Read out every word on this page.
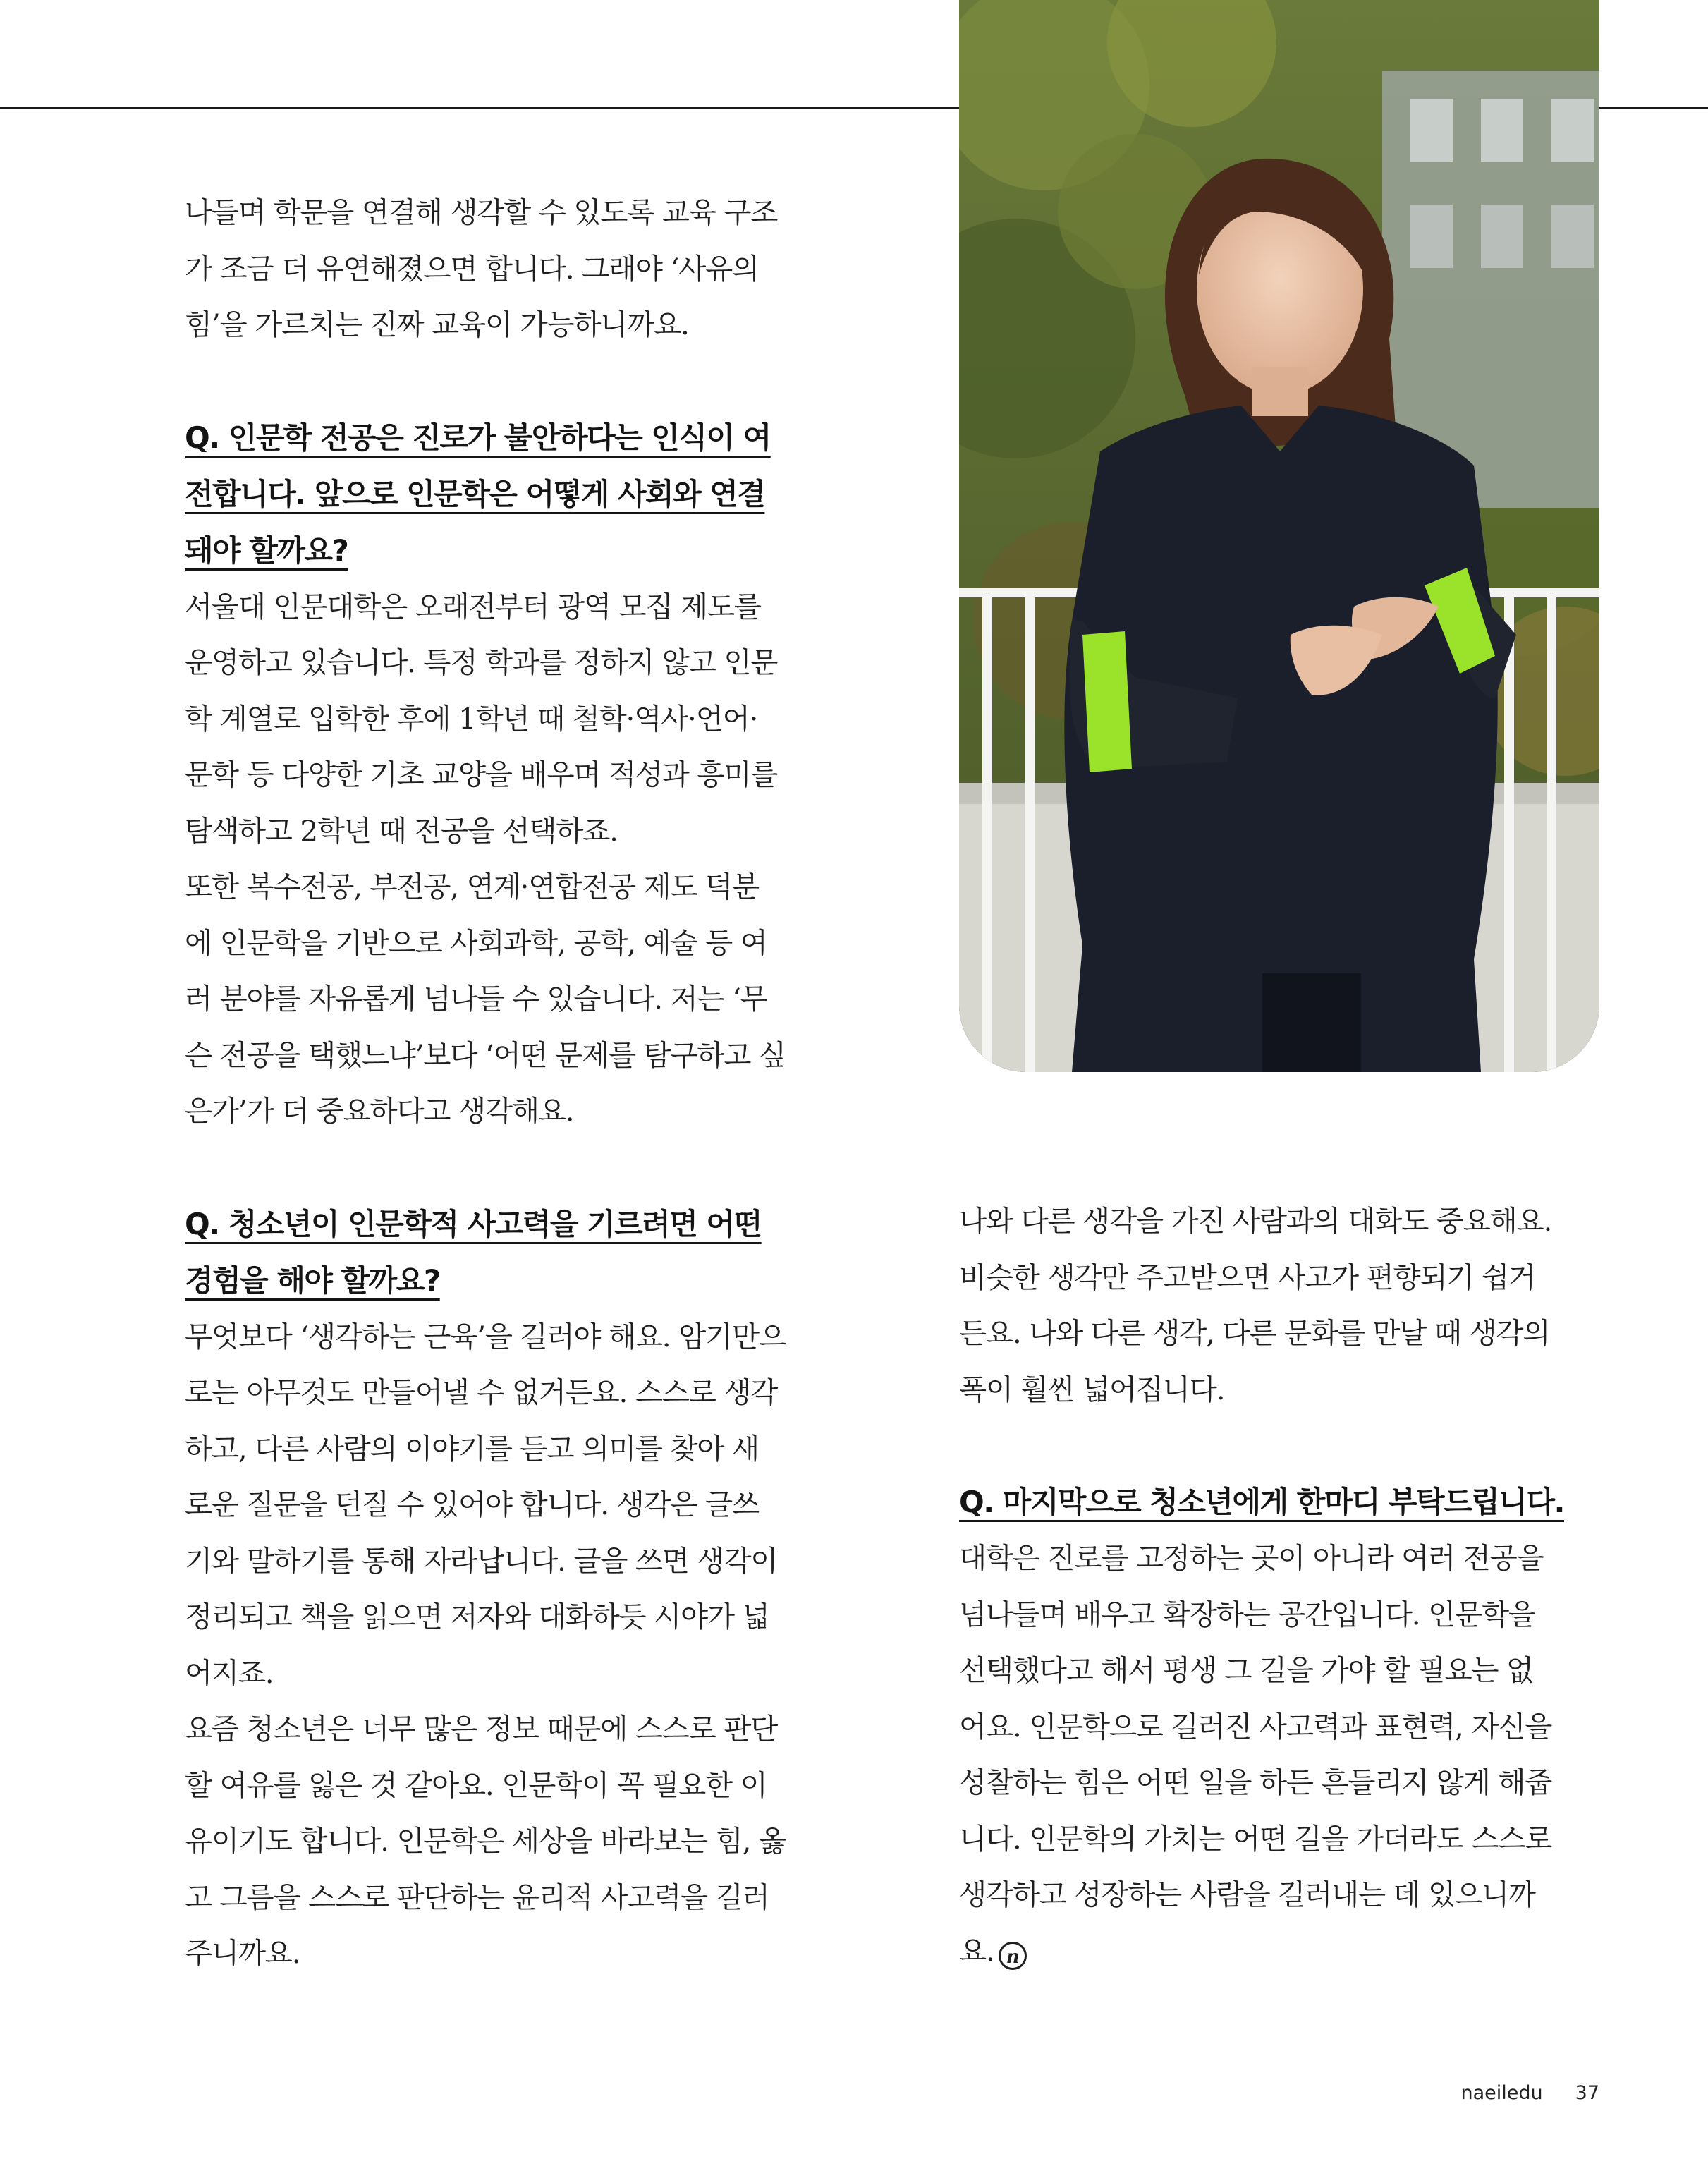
나들며 학문을 연결해 생각할 수 있도록 교육 구조

가 조금 더 유연해졌으면 합니다. 그래야 ‘사유의

힘’을 가르치는 진짜 교육이 가능하니까요.

Q. 인문학 전공은 진로가 불안하다는 인식이 여

전합니다. 앞으로 인문학은 어떻게 사회와 연결

돼야 할까요?

서울대 인문대학은 오래전부터 광역 모집 제도를

운영하고 있습니다. 특정 학과를 정하지 않고 인문

학 계열로 입학한 후에 1학년 때 철학·역사·언어·

문학 등 다양한 기초 교양을 배우며 적성과 흥미를

탐색하고 2학년 때 전공을 선택하죠.

또한 복수전공, 부전공, 연계·연합전공 제도 덕분

에 인문학을 기반으로 사회과학, 공학, 예술 등 여

러 분야를 자유롭게 넘나들 수 있습니다. 저는 ‘무

슨 전공을 택했느냐’보다 ‘어떤 문제를 탐구하고 싶

은가’가 더 중요하다고 생각해요.

Q. 청소년이 인문학적 사고력을 기르려면 어떤

경험을 해야 할까요?

무엇보다 ‘생각하는 근육’을 길러야 해요. 암기만으

로는 아무것도 만들어낼 수 없거든요. 스스로 생각

하고, 다른 사람의 이야기를 듣고 의미를 찾아 새

로운 질문을 던질 수 있어야 합니다. 생각은 글쓰

기와 말하기를 통해 자라납니다. 글을 쓰면 생각이

정리되고 책을 읽으면 저자와 대화하듯 시야가 넓

어지죠.

요즘 청소년은 너무 많은 정보 때문에 스스로 판단

할 여유를 잃은 것 같아요. 인문학이 꼭 필요한 이

유이기도 합니다. 인문학은 세상을 바라보는 힘, 옳

고 그름을 스스로 판단하는 윤리적 사고력을 길러

주니까요.

나와 다른 생각을 가진 사람과의 대화도 중요해요.

비슷한 생각만 주고받으면 사고가 편향되기 쉽거

든요. 나와 다른 생각, 다른 문화를 만날 때 생각의

폭이 훨씬 넓어집니다.

Q. 마지막으로 청소년에게 한마디 부탁드립니다.

대학은 진로를 고정하는 곳이 아니라 여러 전공을

넘나들며 배우고 확장하는 공간입니다. 인문학을

선택했다고 해서 평생 그 길을 가야 할 필요는 없

어요. 인문학으로 길러진 사고력과 표현력, 자신을

성찰하는 힘은 어떤 일을 하든 흔들리지 않게 해줍

니다. 인문학의 가치는 어떤 길을 가더라도 스스로

생각하고 성장하는 사람을 길러내는 데 있으니까

요. n

naeiledu 37
